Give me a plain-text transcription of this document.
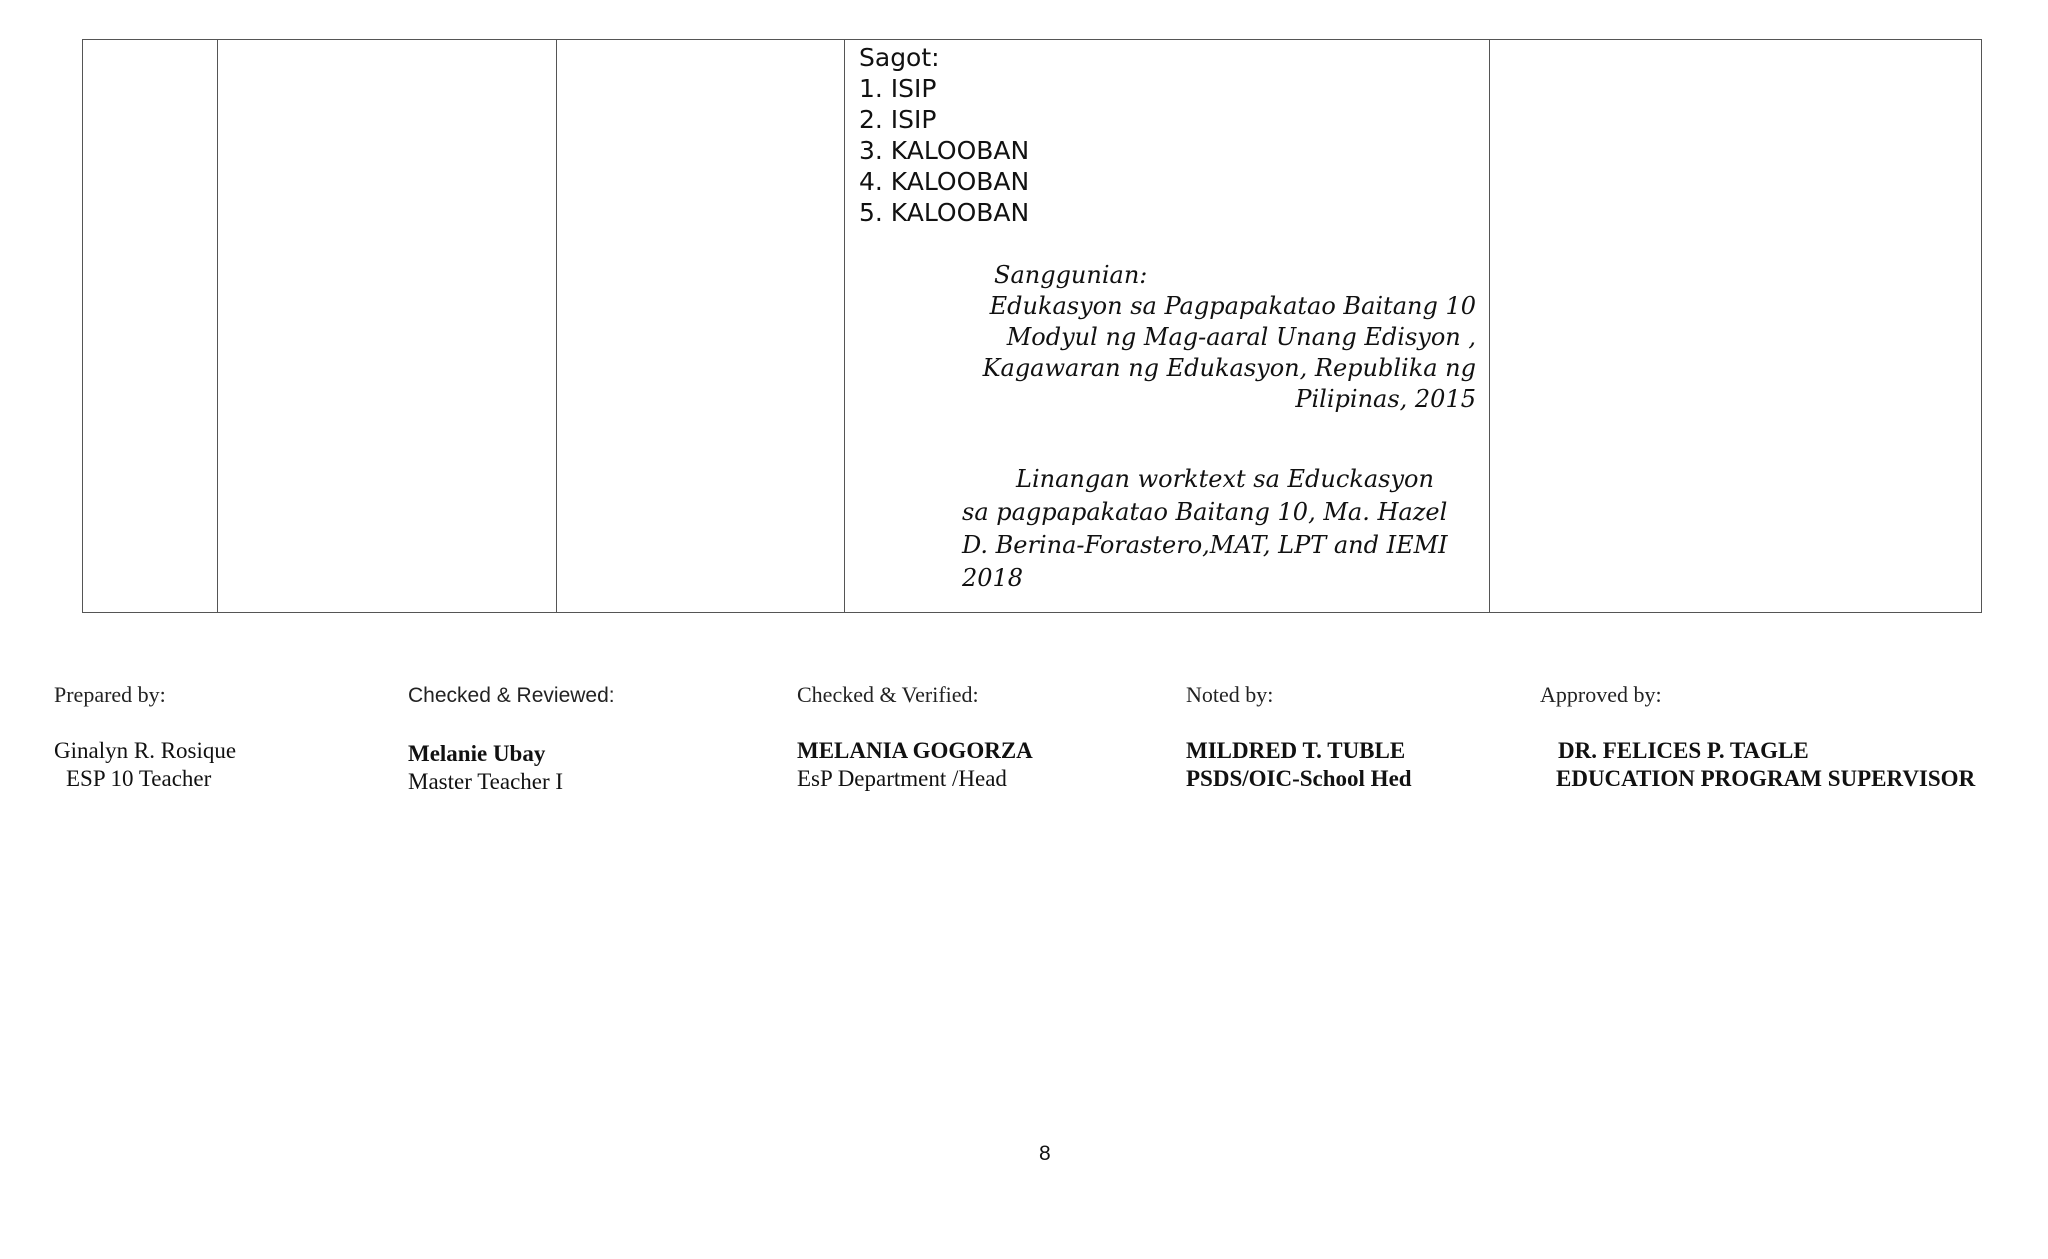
Sagot:
1. ISIP
2. ISIP
3. KALOOBAN
4. KALOOBAN
5. KALOOBAN
Sanggunian:
Edukasyon sa Pagpapakatao Baitang 10
Modyul ng Mag-aaral Unang Edisyon ,
Kagawaran ng Edukasyon, Republika ng
Pilipinas, 2015
Linangan worktext sa Educkasyon
sa pagpapakatao Baitang 10, Ma. Hazel
D. Berina-Forastero,MAT, LPT and IEMI
2018
Prepared by:
Ginalyn R. Rosique
ESP 10 Teacher
Checked & Reviewed:
Melanie Ubay
Master Teacher I
Checked & Verified:
MELANIA GOGORZA
EsP Department /Head
Noted by:
MILDRED T. TUBLE
PSDS/OIC-School Hed
Approved by:
DR. FELICES P. TAGLE
EDUCATION PROGRAM SUPERVISOR
8
